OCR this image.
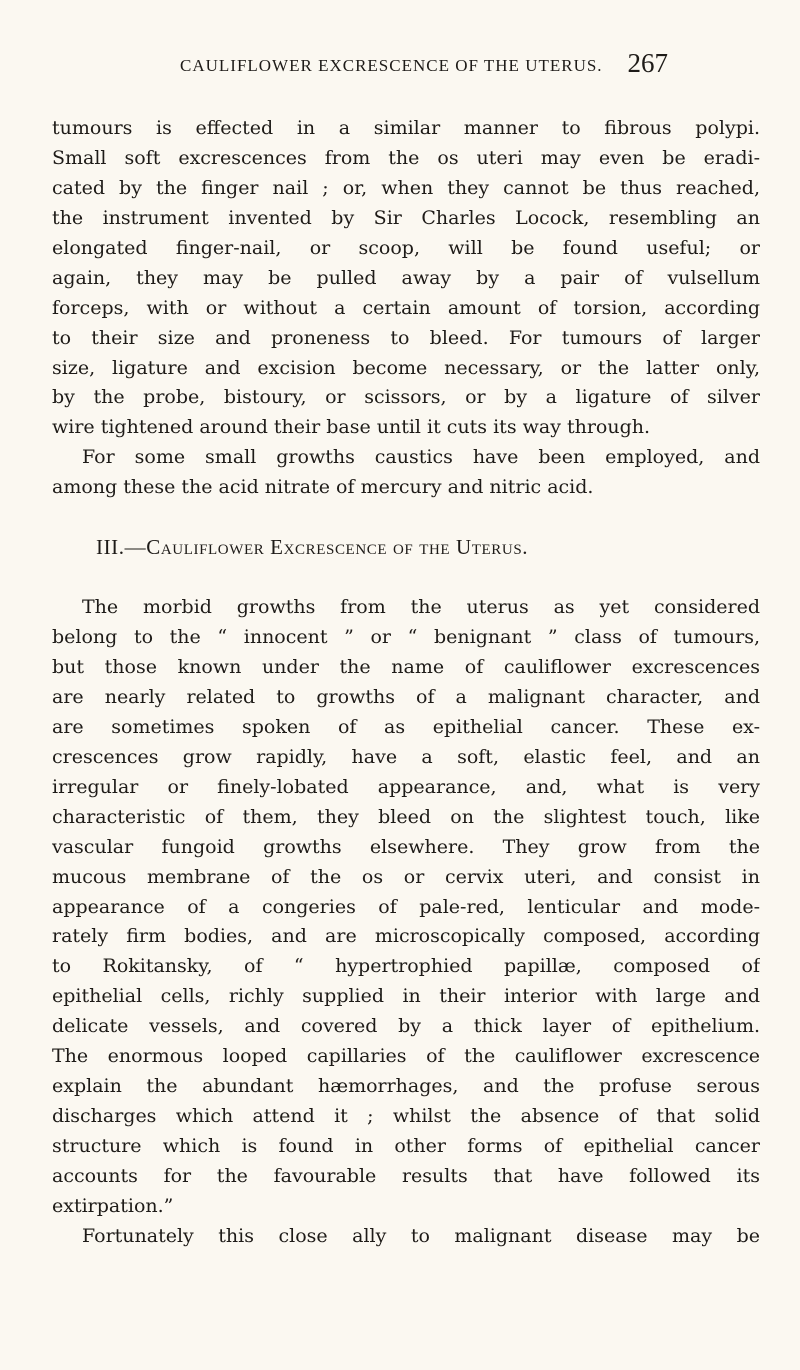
CAULIFLOWER EXCRESCENCE OF THE UTERUS. 267
tumours is effected in a similar manner to fibrous polypi.
Small soft excrescences from the os uteri may even be eradi-
cated by the finger nail ; or, when they cannot be thus reached,
the instrument invented by Sir Charles Locock, resembling an
elongated finger-nail, or scoop, will be found useful; or
again, they may be pulled away by a pair of vulsellum
forceps, with or without a certain amount of torsion, according
to their size and proneness to bleed. For tumours of larger
size, ligature and excision become necessary, or the latter only,
by the probe, bistoury, or scissors, or by a ligature of silver
wire tightened around their base until it cuts its way through.
For some small growths caustics have been employed, and
among these the acid nitrate of mercury and nitric acid.
III.—Cauliflower Excrescence of the Uterus.
The morbid growths from the uterus as yet considered
belong to the “ innocent ” or “ benignant ” class of tumours,
but those known under the name of cauliflower excrescences
are nearly related to growths of a malignant character, and
are sometimes spoken of as epithelial cancer. These ex-
crescences grow rapidly, have a soft, elastic feel, and an
irregular or finely-lobated appearance, and, what is very
characteristic of them, they bleed on the slightest touch, like
vascular fungoid growths elsewhere. They grow from the
mucous membrane of the os or cervix uteri, and consist in
appearance of a congeries of pale-red, lenticular and mode-
rately firm bodies, and are microscopically composed, according
to Rokitansky, of “ hypertrophied papillæ, composed of
epithelial cells, richly supplied in their interior with large and
delicate vessels, and covered by a thick layer of epithelium.
The enormous looped capillaries of the cauliflower excrescence
explain the abundant hæmorrhages, and the profuse serous
discharges which attend it ; whilst the absence of that solid
structure which is found in other forms of epithelial cancer
accounts for the favourable results that have followed its
extirpation.”
Fortunately this close ally to malignant disease may be
